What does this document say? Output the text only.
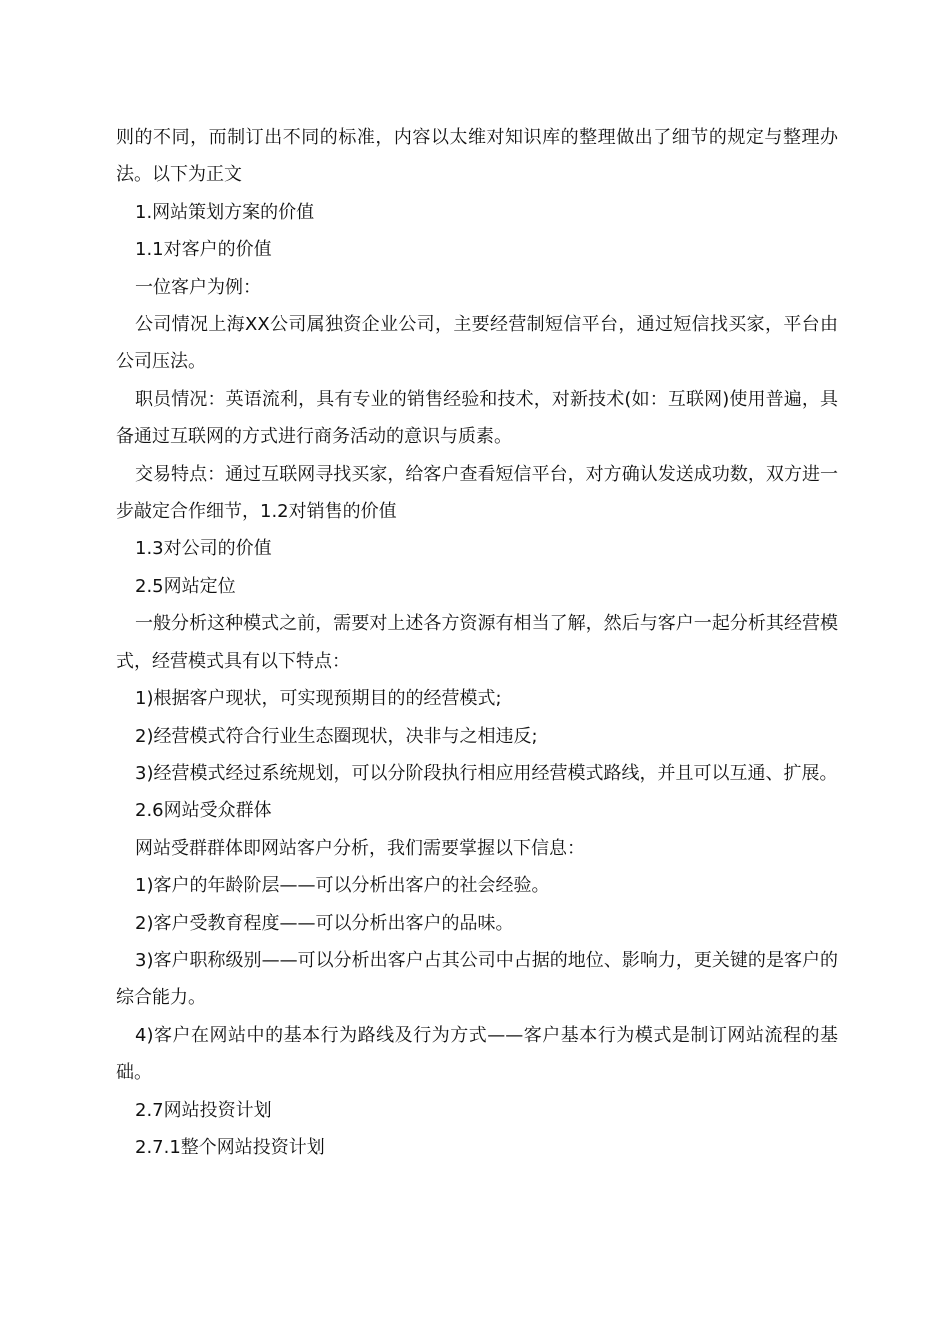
则的不同，而制订出不同的标准，内容以太维对知识库的整理做出了细节的规定与整理办法。以下为正文

1.网站策划方案的价值

1.1对客户的价值

一位客户为例：

公司情况上海XX公司属独资企业公司，主要经营制短信平台，通过短信找买家，平台由公司压法。

职员情况：英语流利，具有专业的销售经验和技术，对新技术(如：互联网)使用普遍，具备通过互联网的方式进行商务活动的意识与质素。

交易特点：通过互联网寻找买家，给客户查看短信平台，对方确认发送成功数，双方进一步敲定合作细节，1.2对销售的价值

1.3对公司的价值

2.5网站定位

一般分析这种模式之前，需要对上述各方资源有相当了解，然后与客户一起分析其经营模式，经营模式具有以下特点：

1)根据客户现状，可实现预期目的的经营模式;

2)经营模式符合行业生态圈现状，决非与之相违反;

3)经营模式经过系统规划，可以分阶段执行相应用经营模式路线，并且可以互通、扩展。

2.6网站受众群体

网站受群群体即网站客户分析，我们需要掌握以下信息：

1)客户的年龄阶层——可以分析出客户的社会经验。

2)客户受教育程度——可以分析出客户的品味。

3)客户职称级别——可以分析出客户占其公司中占据的地位、影响力，更关键的是客户的综合能力。

4)客户在网站中的基本行为路线及行为方式——客户基本行为模式是制订网站流程的基础。

2.7网站投资计划

2.7.1整个网站投资计划
